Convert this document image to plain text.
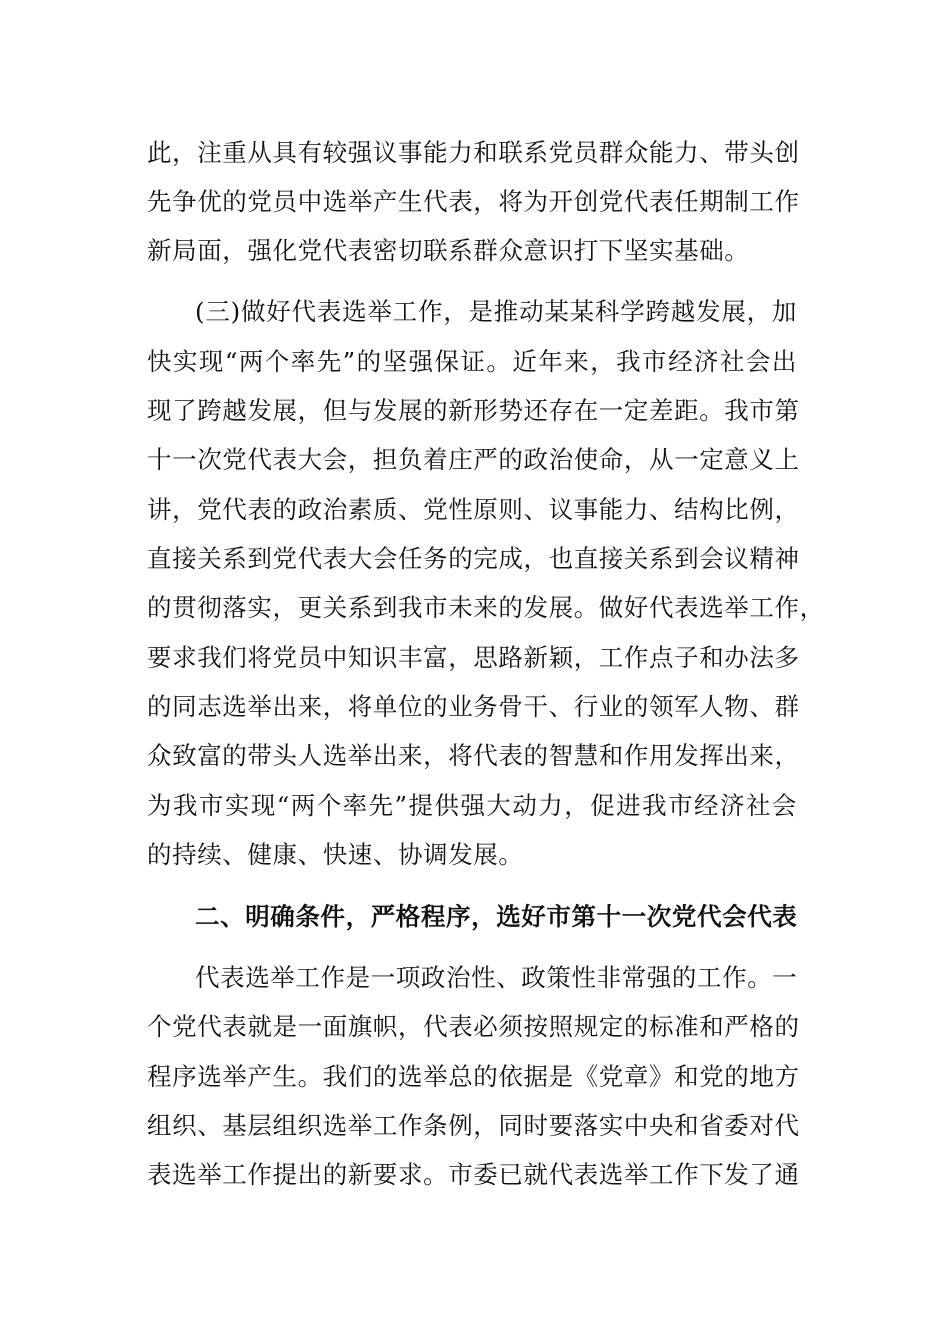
此，注重从具有较强议事能力和联系党员群众能力、带头创
先争优的党员中选举产生代表，将为开创党代表任期制工作
新局面，强化党代表密切联系群众意识打下坚实基础。
(三)做好代表选举工作，是推动某某科学跨越发展，加
快实现“两个率先”的坚强保证。近年来，我市经济社会出
现了跨越发展，但与发展的新形势还存在一定差距。我市第
十一次党代表大会，担负着庄严的政治使命，从一定意义上
讲，党代表的政治素质、党性原则、议事能力、结构比例，
直接关系到党代表大会任务的完成，也直接关系到会议精神
的贯彻落实，更关系到我市未来的发展。做好代表选举工作，
要求我们将党员中知识丰富，思路新颖，工作点子和办法多
的同志选举出来，将单位的业务骨干、行业的领军人物、群
众致富的带头人选举出来，将代表的智慧和作用发挥出来，
为我市实现“两个率先”提供强大动力，促进我市经济社会
的持续、健康、快速、协调发展。
二、明确条件，严格程序，选好市第十一次党代会代表
代表选举工作是一项政治性、政策性非常强的工作。一
个党代表就是一面旗帜，代表必须按照规定的标准和严格的
程序选举产生。我们的选举总的依据是《党章》和党的地方
组织、基层组织选举工作条例，同时要落实中央和省委对代
表选举工作提出的新要求。市委已就代表选举工作下发了通
